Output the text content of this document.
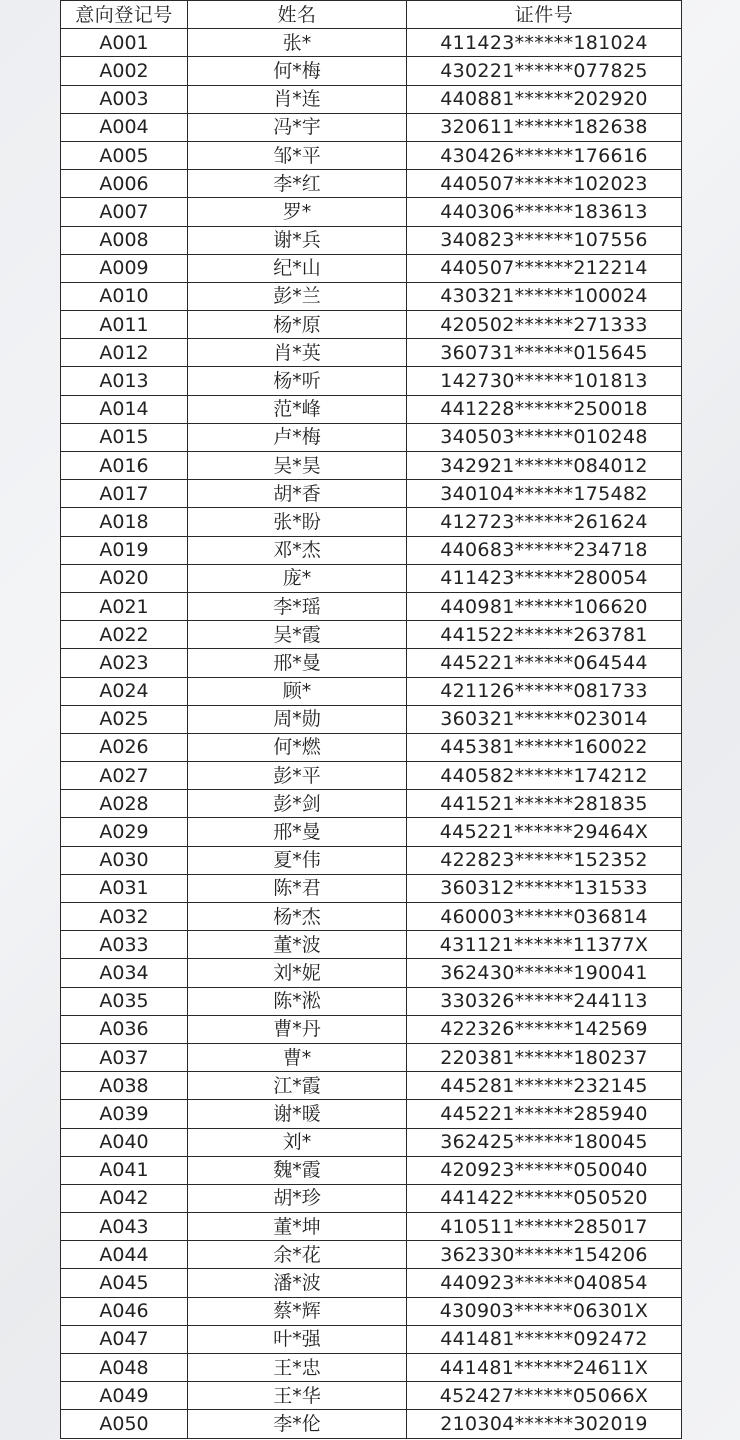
意向登记号	姓名	证件号
A001	张*	411423******181024
A002	何*梅	430221******077825
A003	肖*连	440881******202920
A004	冯*宇	320611******182638
A005	邹*平	430426******176616
A006	李*红	440507******102023
A007	罗*	440306******183613
A008	谢*兵	340823******107556
A009	纪*山	440507******212214
A010	彭*兰	430321******100024
A011	杨*原	420502******271333
A012	肖*英	360731******015645
A013	杨*听	142730******101813
A014	范*峰	441228******250018
A015	卢*梅	340503******010248
A016	吴*昊	342921******084012
A017	胡*香	340104******175482
A018	张*盼	412723******261624
A019	邓*杰	440683******234718
A020	庞*	411423******280054
A021	李*瑶	440981******106620
A022	吴*霞	441522******263781
A023	邢*曼	445221******064544
A024	顾*	421126******081733
A025	周*勋	360321******023014
A026	何*燃	445381******160022
A027	彭*平	440582******174212
A028	彭*剑	441521******281835
A029	邢*曼	445221******29464X
A030	夏*伟	422823******152352
A031	陈*君	360312******131533
A032	杨*杰	460003******036814
A033	董*波	431121******11377X
A034	刘*妮	362430******190041
A035	陈*淞	330326******244113
A036	曹*丹	422326******142569
A037	曹*	220381******180237
A038	江*霞	445281******232145
A039	谢*暖	445221******285940
A040	刘*	362425******180045
A041	魏*霞	420923******050040
A042	胡*珍	441422******050520
A043	董*坤	410511******285017
A044	余*花	362330******154206
A045	潘*波	440923******040854
A046	蔡*辉	430903******06301X
A047	叶*强	441481******092472
A048	王*忠	441481******24611X
A049	王*华	452427******05066X
A050	李*伦	210304******302019
